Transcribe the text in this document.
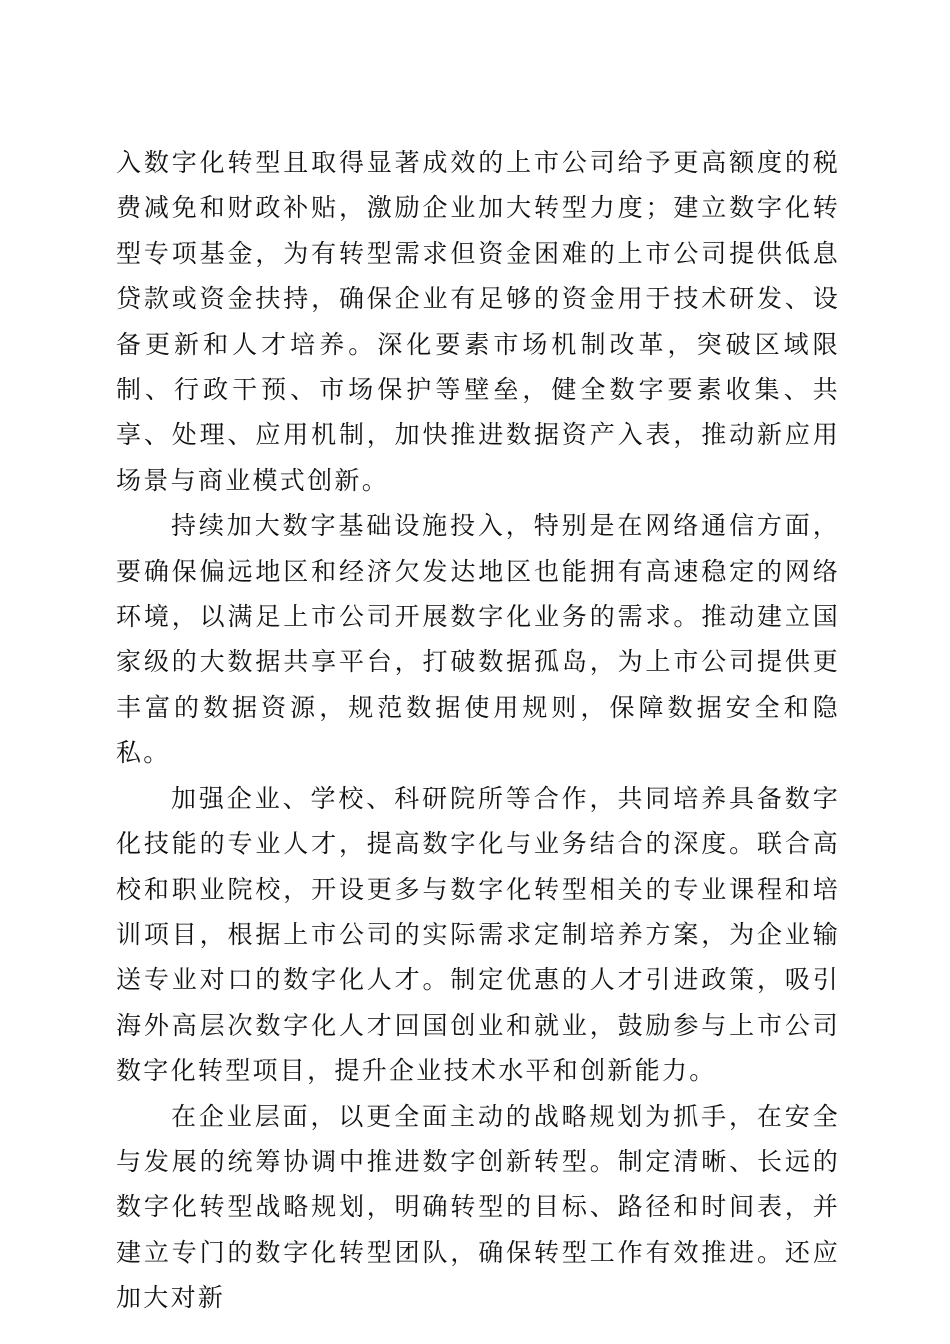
入数字化转型且取得显著成效的上市公司给予更高额度的税费减免和财政补贴，激励企业加大转型力度；建立数字化转型专项基金，为有转型需求但资金困难的上市公司提供低息贷款或资金扶持，确保企业有足够的资金用于技术研发、设备更新和人才培养。深化要素市场机制改革，突破区域限制、行政干预、市场保护等壁垒，健全数字要素收集、共享、处理、应用机制，加快推进数据资产入表，推动新应用场景与商业模式创新。

持续加大数字基础设施投入，特别是在网络通信方面，要确保偏远地区和经济欠发达地区也能拥有高速稳定的网络环境，以满足上市公司开展数字化业务的需求。推动建立国家级的大数据共享平台，打破数据孤岛，为上市公司提供更丰富的数据资源，规范数据使用规则，保障数据安全和隐私。

加强企业、学校、科研院所等合作，共同培养具备数字化技能的专业人才，提高数字化与业务结合的深度。联合高校和职业院校，开设更多与数字化转型相关的专业课程和培训项目，根据上市公司的实际需求定制培养方案，为企业输送专业对口的数字化人才。制定优惠的人才引进政策，吸引海外高层次数字化人才回国创业和就业，鼓励参与上市公司数字化转型项目，提升企业技术水平和创新能力。

在企业层面，以更全面主动的战略规划为抓手，在安全与发展的统筹协调中推进数字创新转型。制定清晰、长远的数字化转型战略规划，明确转型的目标、路径和时间表，并建立专门的数字化转型团队，确保转型工作有效推进。还应加大对新
